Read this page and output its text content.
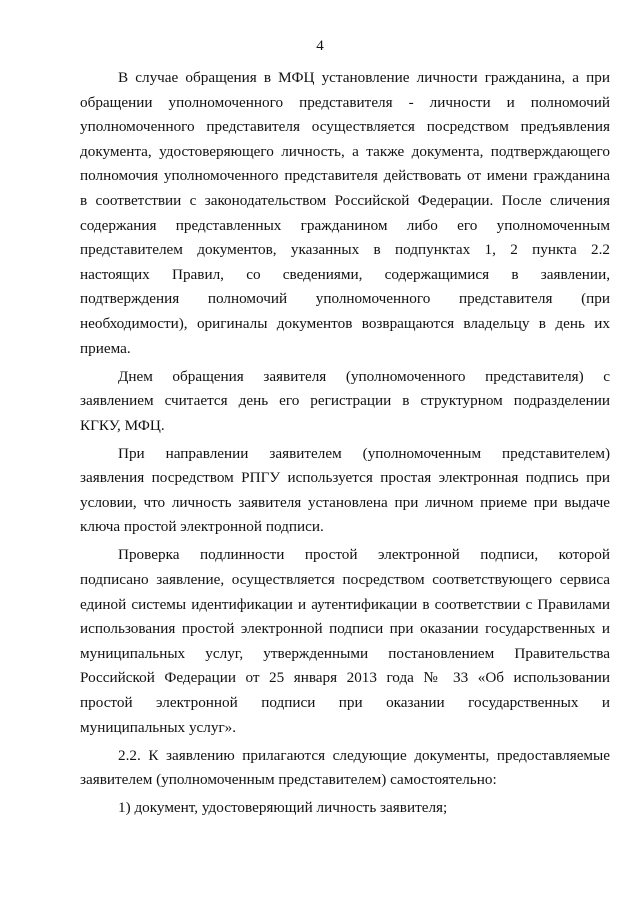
4

В случае обращения в МФЦ установление личности гражданина, а при
обращении уполномоченного представителя - личности и полномочий
уполномоченного представителя осуществляется посредством предъявления
документа, удостоверяющего личность, а также документа, подтверждающего
полномочия уполномоченного представителя действовать от имени гражданина
в соответствии с законодательством Российской Федерации. После сличения
содержания представленных гражданином либо его уполномоченным
представителем документов, указанных в подпунктах 1, 2 пункта 2.2
настоящих Правил, со сведениями, содержащимися в заявлении,
подтверждения полномочий уполномоченного представителя (при
необходимости), оригиналы документов возвращаются владельцу в день их
приема.

Днем обращения заявителя (уполномоченного представителя) с
заявлением считается день его регистрации в структурном подразделении
КГКУ, МФЦ.

При направлении заявителем (уполномоченным представителем)
заявления посредством РПГУ используется простая электронная подпись при
условии, что личность заявителя установлена при личном приеме при выдаче
ключа простой электронной подписи.

Проверка подлинности простой электронной подписи, которой
подписано заявление, осуществляется посредством соответствующего сервиса
единой системы идентификации и аутентификации в соответствии с Правилами
использования простой электронной подписи при оказании государственных и
муниципальных услуг, утвержденными постановлением Правительства
Российской Федерации от 25 января 2013 года № 33 «Об использовании
простой электронной подписи при оказании государственных и
муниципальных услуг».

2.2. К заявлению прилагаются следующие документы, предоставляемые
заявителем (уполномоченным представителем) самостоятельно:

1) документ, удостоверяющий личность заявителя;
